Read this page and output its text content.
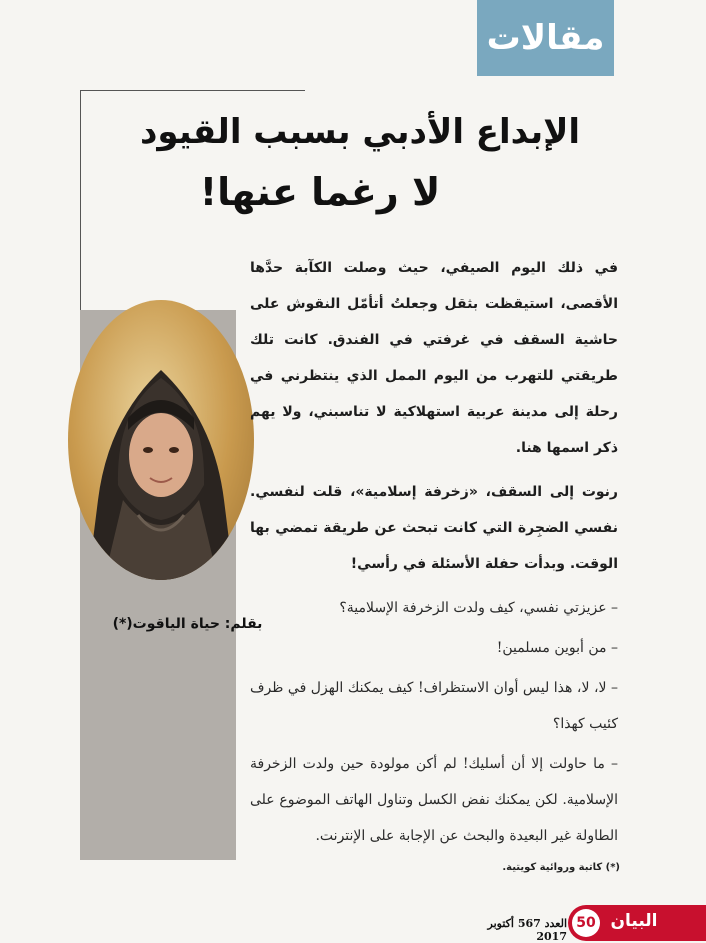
مقالات
الإبداع الأدبي بسبب القيود
لا رغما عنها!
بقلم: حياة الياقوت(*)

في ذلك اليوم الصيفي، حيث وصلت الكآبة حدَّها الأقصى، استيقظت بثقل وجعلتُ أتأمّل النقوش على حاشية السقف في غرفتي في الفندق. كانت تلك طريقتي للتهرب من اليوم الممل الذي ينتظرني في رحلة إلى مدينة عربية استهلاكية لا تناسبني، ولا يهم ذكر اسمها هنا.

رنوت إلى السقف، «زخرفة إسلامية»، قلت لنفسي. نفسي الضجِرة التي كانت تبحث عن طريقة تمضي بها الوقت. وبدأت حفلة الأسئلة في رأسي!

– عزيزتي نفسي، كيف ولدت الزخرفة الإسلامية؟

– من أبوين مسلمين!

– لا، لا، هذا ليس أوان الاستظراف! كيف يمكنك الهزل في ظرف كئيب كهذا؟

– ما حاولت إلا أن أسليك! لم أكن مولودة حين ولدت الزخرفة الإسلامية. لكن يمكنك نفض الكسل وتناول الهاتف الموضوع على الطاولة غير البعيدة والبحث عن الإجابة على الإنترنت.

(*) كاتبة وروائية كويتية.
العدد 567 أكتوبر 2017
50 البيان
